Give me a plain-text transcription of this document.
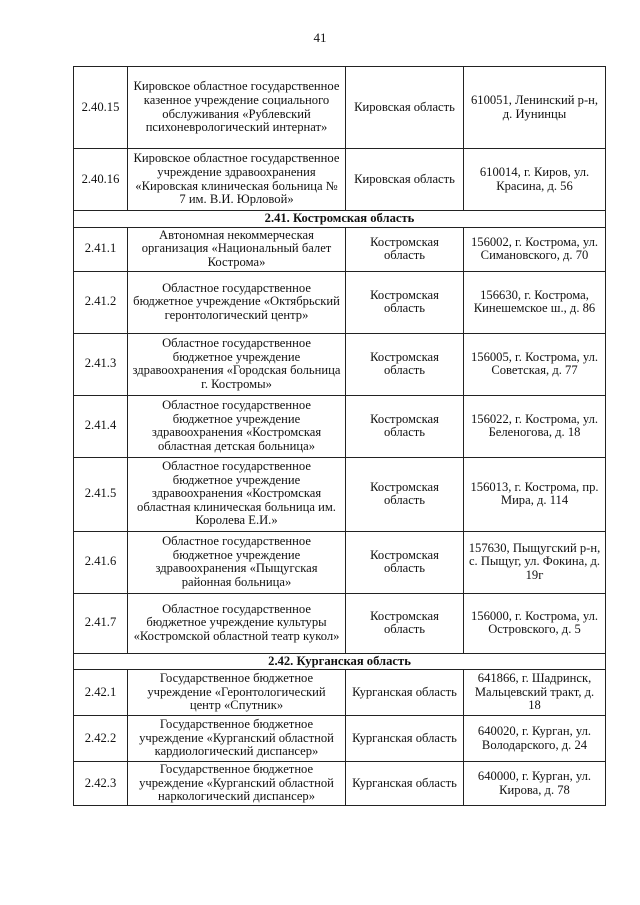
41
2.40.15	Кировское областное государственное казенное учреждение социального обслуживания «Рублевский психоневрологический интернат»	Кировская область	610051, Ленинский р-н, д. Иунинцы
2.40.16	Кировское областное государственное учреждение здравоохранения «Кировская клиническая больница № 7 им. В.И. Юрловой»	Кировская область	610014, г. Киров, ул. Красина, д. 56
2.41. Костромская область			
2.41.1	Автономная некоммерческая организация «Национальный балет Кострома»	Костромская область	156002, г. Кострома, ул. Симановского, д. 70
2.41.2	Областное государственное бюджетное учреждение «Октябрьский геронтологический центр»	Костромская область	156630, г. Кострома, Кинешемское ш., д. 86
2.41.3	Областное государственное бюджетное учреждение здравоохранения «Городская больница г. Костромы»	Костромская область	156005, г. Кострома, ул. Советская, д. 77
2.41.4	Областное государственное бюджетное учреждение здравоохранения «Костромская областная детская больница»	Костромская область	156022, г. Кострома, ул. Беленогова, д. 18
2.41.5	Областное государственное бюджетное учреждение здравоохранения «Костромская областная клиническая больница им. Королева Е.И.»	Костромская область	156013, г. Кострома, пр. Мира, д. 114
2.41.6	Областное государственное бюджетное учреждение здравоохранения «Пыщугская районная больница»	Костромская область	157630, Пыщугский р-н, с. Пыщуг, ул. Фокина, д. 19г
2.41.7	Областное государственное бюджетное учреждение культуры «Костромской областной театр кукол»	Костромская область	156000, г. Кострома, ул. Островского, д. 5
2.42. Курганская область			
2.42.1	Государственное бюджетное учреждение «Геронтологический центр «Спутник»	Курганская область	641866, г. Шадринск, Мальцевский тракт, д. 18
2.42.2	Государственное бюджетное учреждение «Курганский областной кардиологический диспансер»	Курганская область	640020, г. Курган, ул. Володарского, д. 24
2.42.3	Государственное бюджетное учреждение «Курганский областной наркологический диспансер»	Курганская область	640000, г. Курган, ул. Кирова, д. 78
